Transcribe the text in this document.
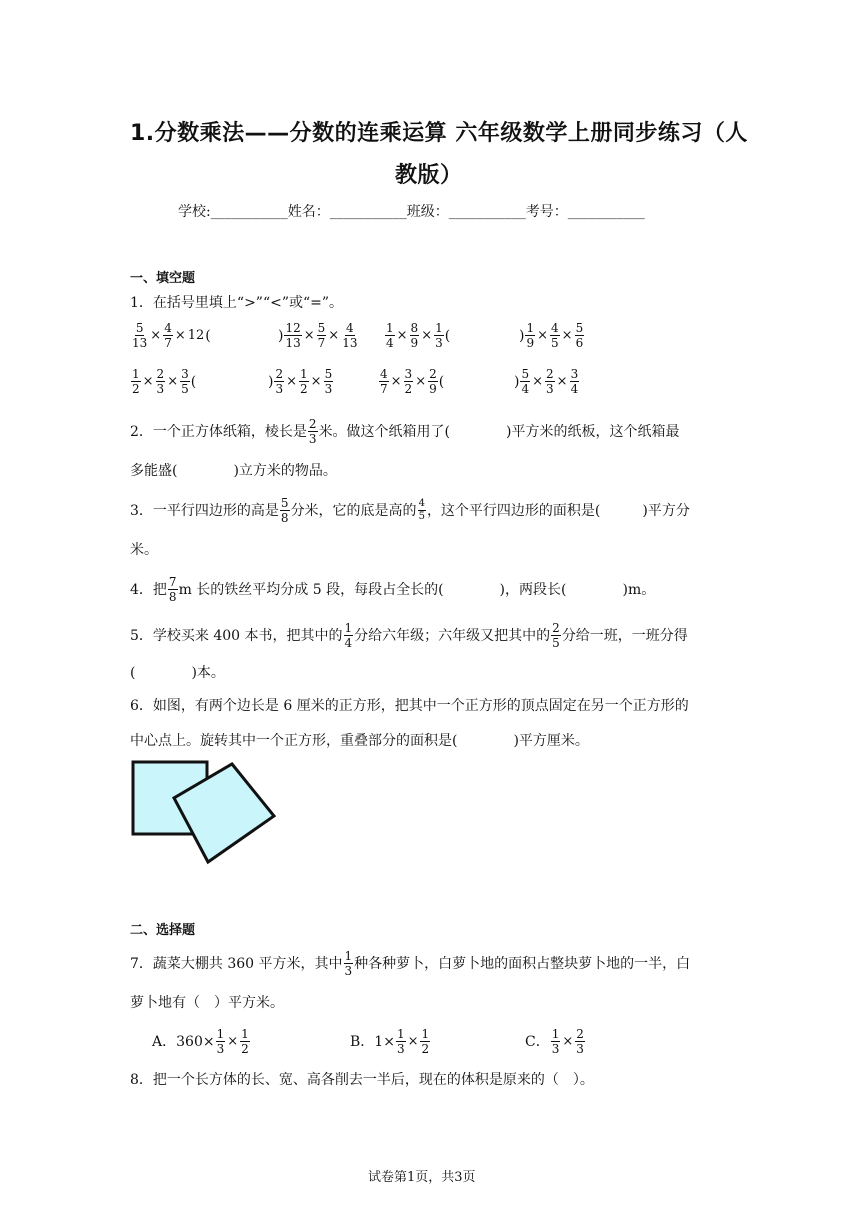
1.分数乘法——分数的连乘运算 六年级数学上册同步练习（人
教版）
学校:___________姓名：___________班级：___________考号：___________
一、填空题
1．在括号里填上“>”“<”或“=”。
$\frac{5}{13} \times \frac{4}{7} \times 12$ (	) $\frac{12}{13} \times \frac{5}{7} \times \frac{4}{13} \frac{1}{4} \times \frac{8}{9} \times \frac{1}{3}$ (	) $\frac{1}{9} \times \frac{4}{5} \times \frac{5}{6}$
$\frac{1}{2} \times \frac{2}{3} \times \frac{3}{5}$ (	) $\frac{2}{3} \times \frac{1}{2} \times \frac{5}{3}$	$\frac{4}{7} \times \frac{3}{2} \times \frac{2}{9}$ (	) $\frac{5}{4} \times \frac{2}{3} \times \frac{3}{4}$
2．一个正方体纸箱，棱长是 $\frac{2}{3}$ 米。做这个纸箱用了(　　　　)平方米的纸板，这个纸箱最
多能盛(　　　　)立方米的物品。
3．一平行四边形的高是 $\frac{5}{8}$ 分米，它的底是高的 $\frac{4}{5}$ ，这个平行四边形的面积是(　　　)平方分
米。
4．把 $\frac{7}{8}$ m 长的铁丝平均分成 5 段，每段占全长的(　　　　)，两段长(　　　　)m。
5．学校买来 400 本书，把其中的 $\frac{1}{4}$ 分给六年级；六年级又把其中的 $\frac{2}{5}$ 分给一班，一班分得
(　　　　)本。
6．如图，有两个边长是 6 厘米的正方形，把其中一个正方形的顶点固定在另一个正方形的
中心点上。旋转其中一个正方形，重叠部分的面积是(　　　　)平方厘米。
二、选择题
7．蔬菜大棚共 360 平方米，其中 $\frac{1}{3}$ 种各种萝卜，白萝卜地的面积占整块萝卜地的一半，白
萝卜地有（　）平方米。
A． $360\times \frac{1}{3} \times \frac{1}{2}$	B． $1\times \frac{1}{3} \times \frac{1}{2}$	C． $\frac{1}{3} \times \frac{2}{3}$
8．把一个长方体的长、宽、高各削去一半后，现在的体积是原来的（　）。
试卷第1页，共3页
